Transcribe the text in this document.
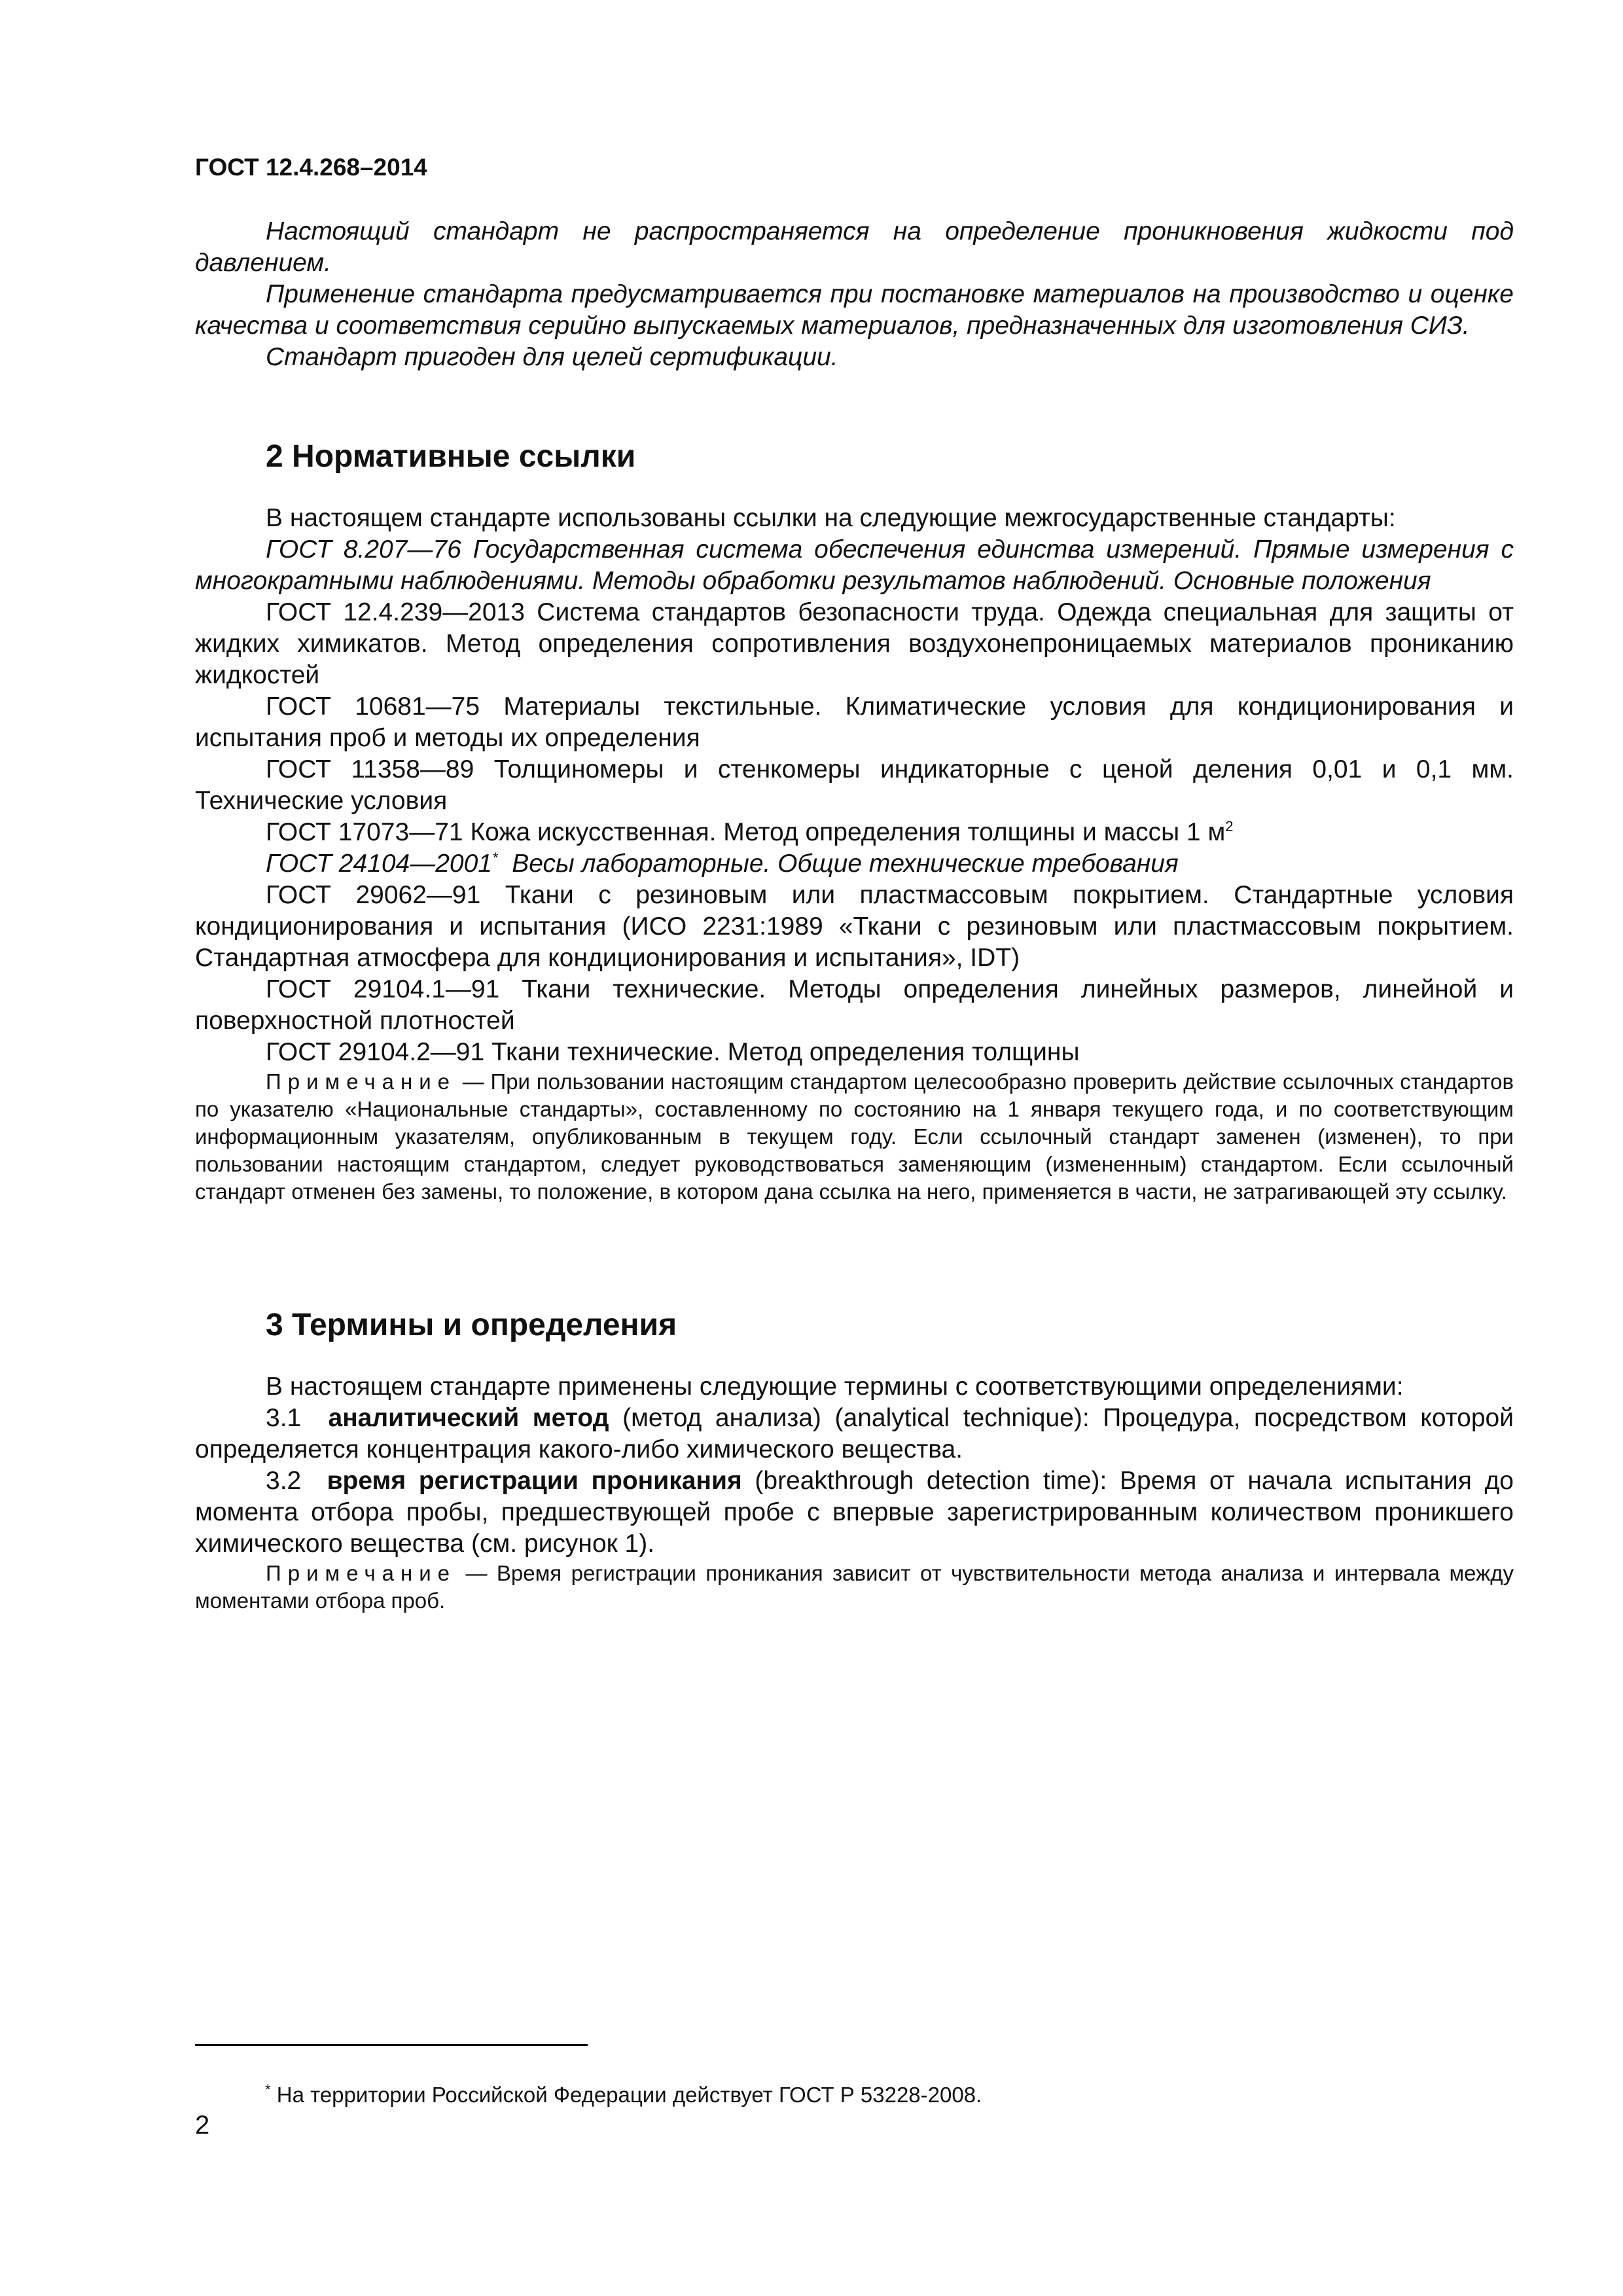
ГОСТ 12.4.268–2014

Настоящий стандарт не распространяется на определение проникновения жидкости под давлением.

Применение стандарта предусматривается при постановке материалов на производство и оценке качества и соответствия серийно выпускаемых материалов, предназначенных для изготовления СИЗ.

Стандарт пригоден для целей сертификации.

2 Нормативные ссылки

В настоящем стандарте использованы ссылки на следующие межгосударственные стандарты:

ГОСТ 8.207—76 Государственная система обеспечения единства измерений. Прямые измерения с многократными наблюдениями. Методы обработки результатов наблюдений. Основные положения

ГОСТ 12.4.239—2013 Система стандартов безопасности труда. Одежда специальная для защиты от жидких химикатов. Метод определения сопротивления воздухонепроницаемых материалов прониканию жидкостей

ГОСТ 10681—75 Материалы текстильные. Климатические условия для кондиционирования и испытания проб и методы их определения

ГОСТ 11358—89 Толщиномеры и стенкомеры индикаторные с ценой деления 0,01 и 0,1 мм. Технические условия

ГОСТ 17073—71 Кожа искусственная. Метод определения толщины и массы 1 $м^2$

ГОСТ 24104—2001* Весы лабораторные. Общие технические требования

ГОСТ 29062—91 Ткани с резиновым или пластмассовым покрытием. Стандартные условия кондиционирования и испытания (ИСО 2231:1989 «Ткани с резиновым или пластмассовым покрытием. Стандартная атмосфера для кондиционирования и испытания», IDT)

ГОСТ 29104.1—91 Ткани технические. Методы определения линейных размеров, линейной и поверхностной плотностей

ГОСТ 29104.2—91 Ткани технические. Метод определения толщины

Примечание — При пользовании настоящим стандартом целесообразно проверить действие ссылочных стандартов по указателю «Национальные стандарты», составленному по состоянию на 1 января текущего года, и по соответствующим информационным указателям, опубликованным в текущем году. Если ссылочный стандарт заменен (изменен), то при пользовании настоящим стандартом, следует руководствоваться заменяющим (измененным) стандартом. Если ссылочный стандарт отменен без замены, то положение, в котором дана ссылка на него, применяется в части, не затрагивающей эту ссылку.

3 Термины и определения

В настоящем стандарте применены следующие термины с соответствующими определениями:

3.1 аналитический метод (метод анализа) (analytical technique): Процедура, посредством которой определяется концентрация какого-либо химического вещества.

3.2 время регистрации проникания (breakthrough detection time): Время от начала испытания до момента отбора пробы, предшествующей пробе с впервые зарегистрированным количеством проникшего химического вещества (см. рисунок 1).

Примечание — Время регистрации проникания зависит от чувствительности метода анализа и интервала между моментами отбора проб.

* На территории Российской Федерации действует ГОСТ Р 53228-2008.
2
